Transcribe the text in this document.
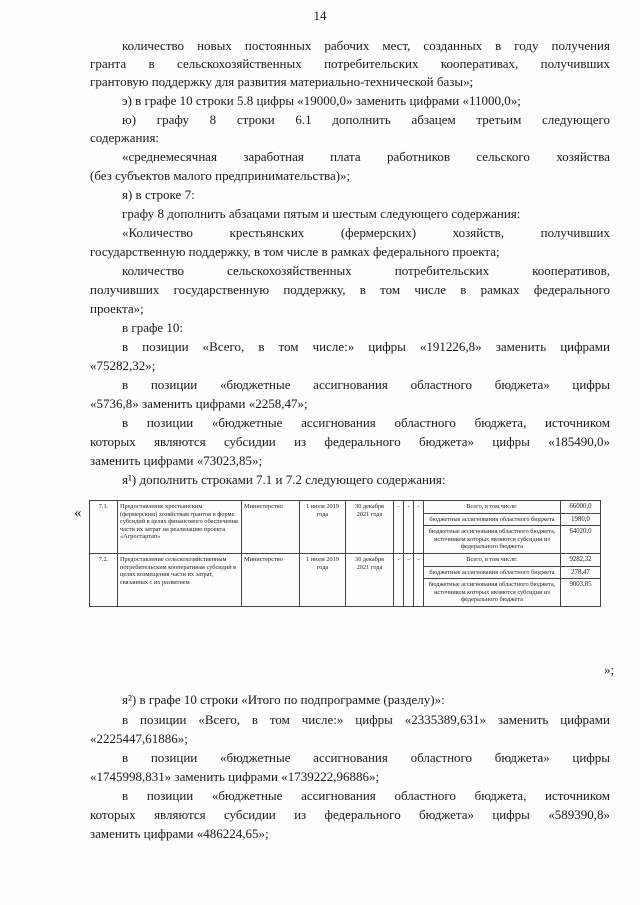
14
количество новых постоянных рабочих мест, созданных в году получения
гранта в сельскохозяйственных потребительских кооперативах, получивших
грантовую поддержку для развития материально-технической базы»;
э) в графе 10 строки 5.8 цифры «19000,0» заменить цифрами «11000,0»;
ю) графу 8 строки 6.1 дополнить абзацем третьим следующего
содержания:
«среднемесячная заработная плата работников сельского хозяйства
(без субъектов малого предпринимательства)»;
я) в строке 7:
графу 8 дополнить абзацами пятым и шестым следующего содержания:
«Количество крестьянских (фермерских) хозяйств, получивших
государственную поддержку, в том числе в рамках федерального проекта;
количество сельскохозяйственных потребительских кооперативов,
получивших государственную поддержку, в том числе в рамках федерального
проекта»;
в графе 10:
в позиции «Всего, в том числе:» цифры «191226,8» заменить цифрами
«75282,32»;
в позиции «бюджетные ассигнования областного бюджета» цифры
«5736,8» заменить цифрами «2258,47»;
в позиции «бюджетные ассигнования областного бюджета, источником
которых являются субсидии из федерального бюджета» цифры «185490,0»
заменить цифрами «73023,85»;
я¹) дополнить строками 7.1 и 7.2 следующего содержания:
я²) в графе 10 строки «Итого по подпрограмме (разделу)»:
в позиции «Всего, в том числе:» цифры «2335389,631» заменить цифрами
«2225447,61886»;
в позиции «бюджетные ассигнования областного бюджета» цифры
«1745998,831» заменить цифрами «1739222,96886»;
в позиции «бюджетные ассигнования областного бюджета, источником
которых являются субсидии из федерального бюджета» цифры «589390,8»
заменить цифрами «486224,65»;
«	7.1.	Предоставление крестьянским (фермерским) хозяйствам грантов в форме субсидий в целях финансового обеспечения части их затрат на реализацию проекта «Агростартап»	Министерство	1 июля 2019 года	30 декабря 2021 года	-	-	-	Всего, в том числе:	66000,0
								бюджетные ассигнования областного бюджета	1980,0
								бюджетные ассигнования областного бюджета, источником которых являются субсидии из федерального бюджета	64020,0
7.2.	Предоставление сельскохозяйственным потребительским кооперативам субсидий в целях возмещения части их затрат, связанных с их развитием	Министерство	1 июля 2019 года	30 декабря 2021 года	-	-	-	Всего, в том числе:	9282,32
								бюджетные ассигнования областного бюджета	278,47
								бюджетные ассигнования областного бюджета, источником которых являются субсидии из федерального бюджета	9003,85
»;
